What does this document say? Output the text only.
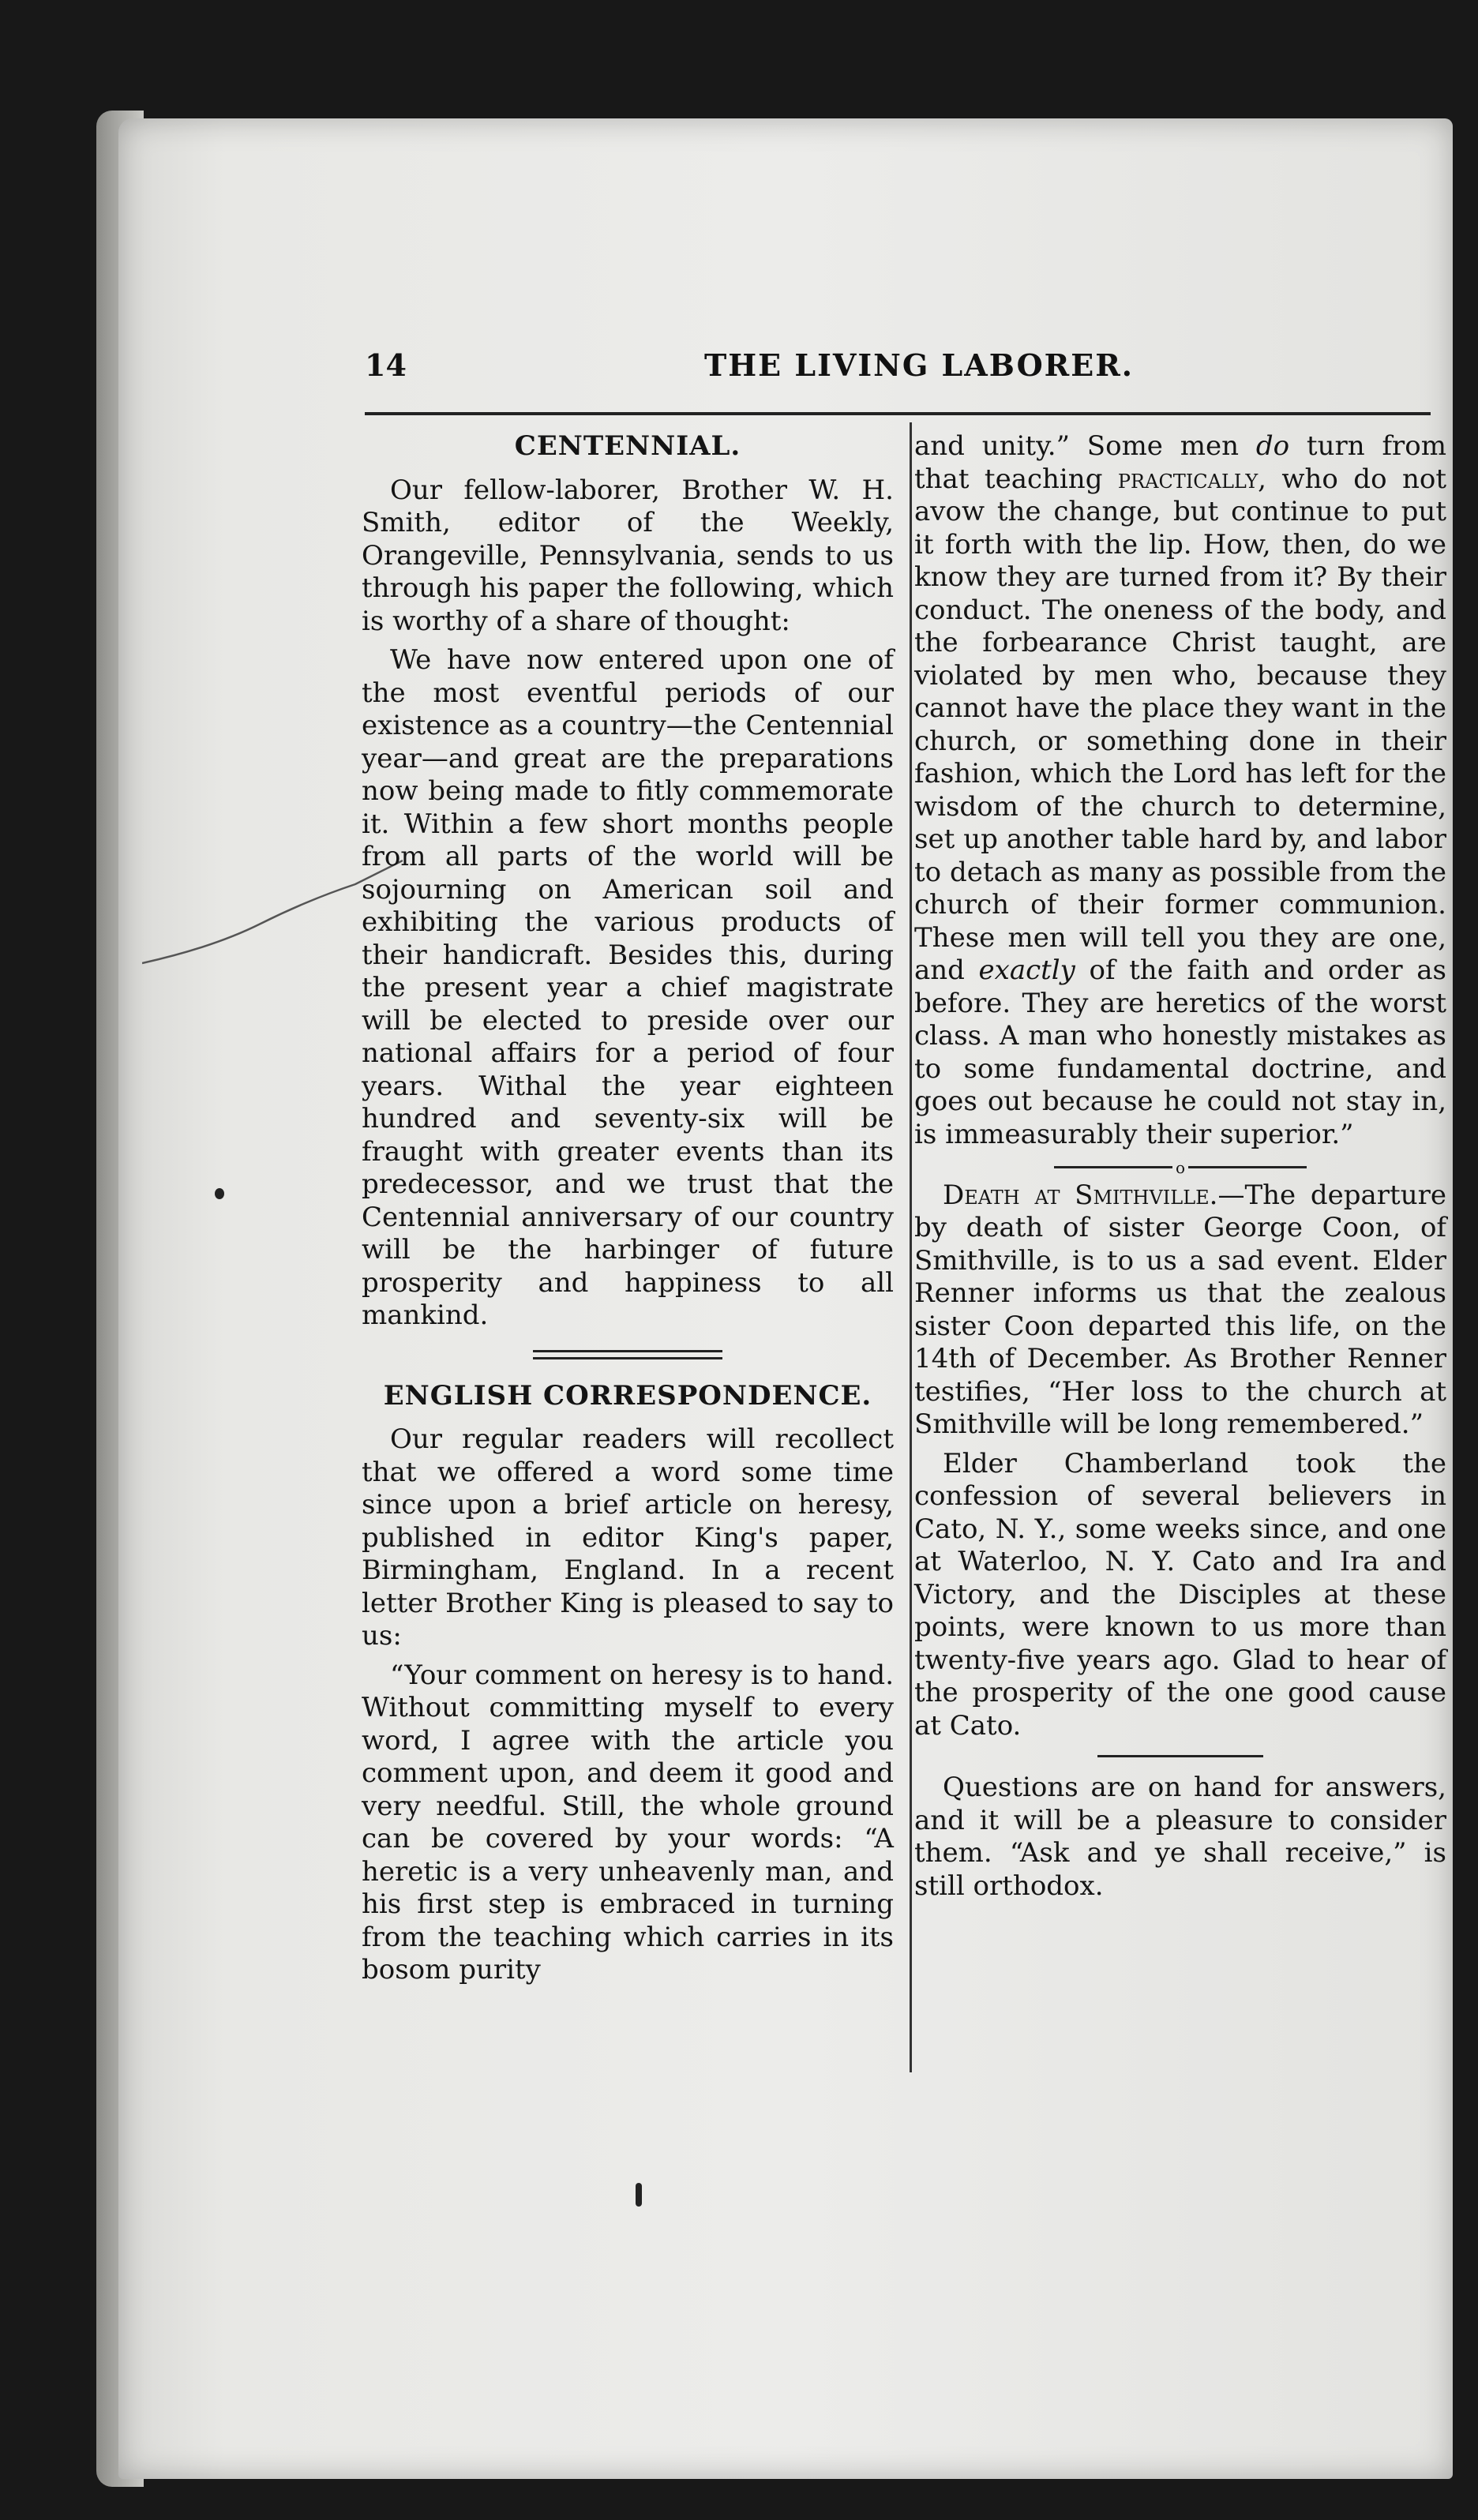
14	THE LIVING LABORER.
CENTENNIAL.

Our fellow-laborer, Brother W. H. Smith, editor of the Weekly, Orangeville, Pennsylvania, sends to us through his paper the following, which is worthy of a share of thought:

We have now entered upon one of the most eventful periods of our existence as a country—the Centennial year—and great are the preparations now being made to fitly commemorate it. Within a few short months people from all parts of the world will be sojourning on American soil and exhibiting the various products of their handicraft. Besides this, during the present year a chief magistrate will be elected to preside over our national affairs for a period of four years. Withal the year eighteen hundred and seventy-six will be fraught with greater events than its predecessor, and we trust that the Centennial anniversary of our country will be the harbinger of future prosperity and happiness to all mankind.

ENGLISH CORRESPONDENCE.

Our regular readers will recollect that we offered a word some time since upon a brief article on heresy, published in editor King's paper, Birmingham, England. In a recent letter Brother King is pleased to say to us:

“Your comment on heresy is to hand. Without committing myself to every word, I agree with the article you comment upon, and deem it good and very needful. Still, the whole ground can be covered by your words: “A heretic is a very unheavenly man, and his first step is embraced in turning from the teaching which carries in its bosom purity

and unity.” Some men do turn from that teaching practically, who do not avow the change, but continue to put it forth with the lip. How, then, do we know they are turned from it? By their conduct. The oneness of the body, and the forbearance Christ taught, are violated by men who, because they cannot have the place they want in the church, or something done in their fashion, which the Lord has left for the wisdom of the church to determine, set up another table hard by, and labor to detach as many as possible from the church of their former communion. These men will tell you they are one, and exactly of the faith and order as before. They are heretics of the worst class. A man who honestly mistakes as to some fundamental doctrine, and goes out because he could not stay in, is immeasurably their superior.”

o

Death at Smithville.—The departure by death of sister George Coon, of Smithville, is to us a sad event. Elder Renner informs us that the zealous sister Coon departed this life, on the 14th of December. As Brother Renner testifies, “Her loss to the church at Smithville will be long remembered.”

Elder Chamberland took the confession of several believers in Cato, N. Y., some weeks since, and one at Waterloo, N. Y. Cato and Ira and Victory, and the Disciples at these points, were known to us more than twenty-five years ago. Glad to hear of the prosperity of the one good cause at Cato.

Questions are on hand for answers, and it will be a pleasure to consider them. “Ask and ye shall receive,” is still orthodox.
